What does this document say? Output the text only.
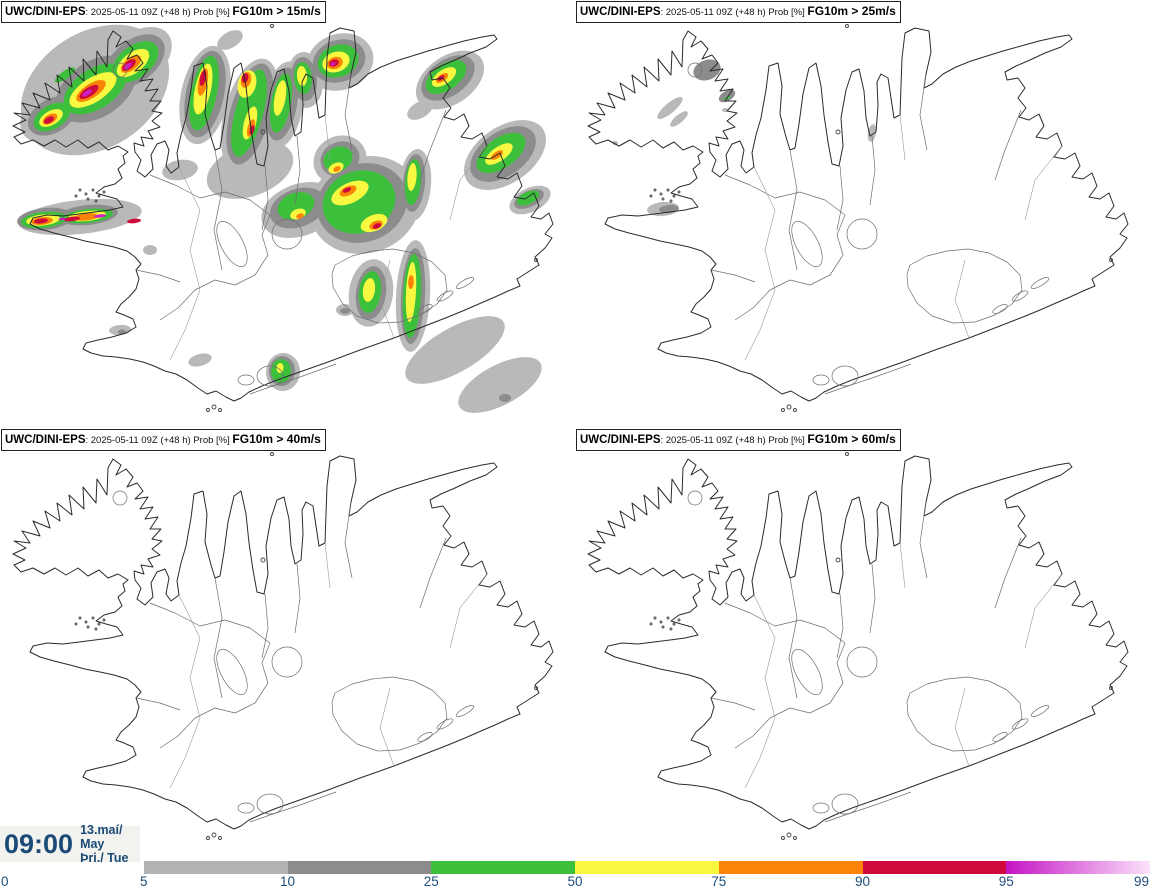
UWC/DINI-EPS: 2025-05-11 09Z (+48 h) Prob [%] FG10m > 15m/s	UWC/DINI-EPS: 2025-05-11 09Z (+48 h) Prob [%] FG10m > 25m/s
UWC/DINI-EPS: 2025-05-11 09Z (+48 h) Prob [%] FG10m > 40m/s	UWC/DINI-EPS: 2025-05-11 09Z (+48 h) Prob [%] FG10m > 60m/s
09:00 13.maí/ May
Þri./ Tue
0	5	10	25	50	75	90	95	99
